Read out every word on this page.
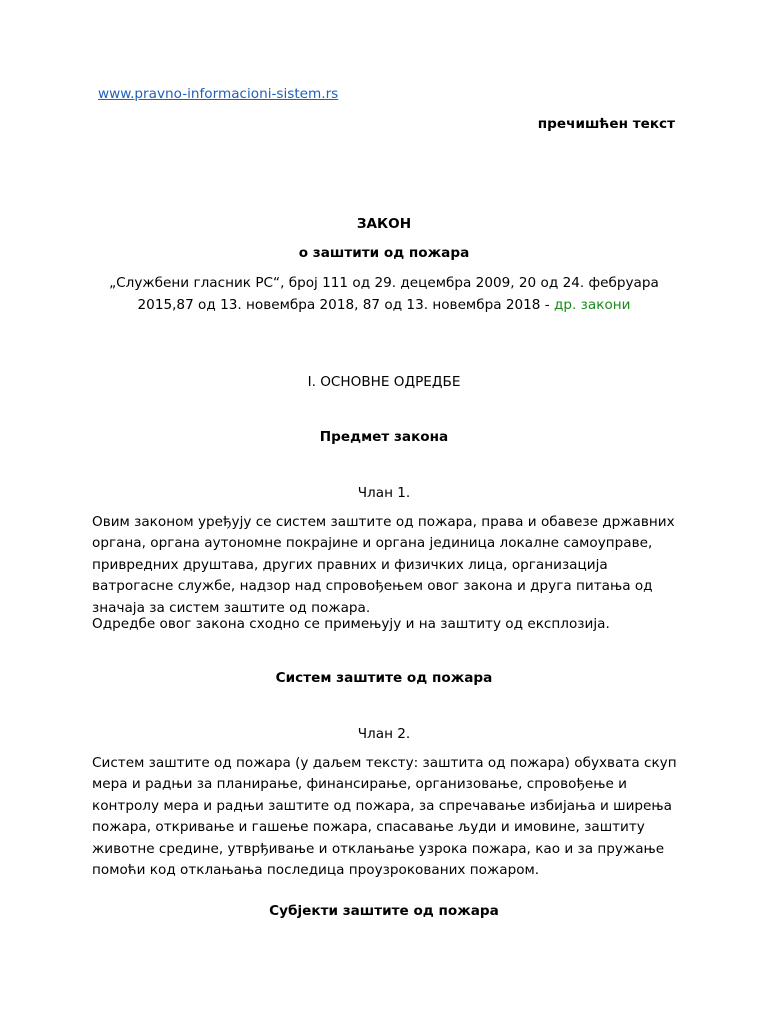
www.pravno-informacioni-sistem.rs
пречишћен текст
ЗАКОН
о заштити од пожара
„Службени гласник РС“, број 111 од 29. децембра 2009, 20 од 24. фебруара 2015,87 од 13. новембра 2018, 87 од 13. новембра 2018 - др. закони
I. ОСНОВНЕ ОДРЕДБЕ
Предмет закона
Члан 1.
Овим законом уређују се систем заштите од пожара, права и обавезе државних органа, органа аутономне покрајине и органа јединица локалне самоуправе, привредних друштава, других правних и физичких лица, организација ватрогасне службе, надзор над спровођењем овог закона и друга питања од значаја за систем заштите од пожара.
Одредбе овог закона сходно се примењују и на заштиту од експлозија.
Систем заштите од пожара
Члан 2.
Систем заштите од пожара (у даљем тексту: заштита од пожара) обухвата скуп мера и радњи за планирање, финансирање, организовање, спровођење и контролу мера и радњи заштите од пожара, за спречавање избијања и ширења пожара, откривање и гашење пожара, спасавање људи и имовине, заштиту животне средине, утврђивање и отклањање узрока пожара, као и за пружање помоћи код отклањања последица проузрокованих пожаром.
Субјекти заштите од пожара
